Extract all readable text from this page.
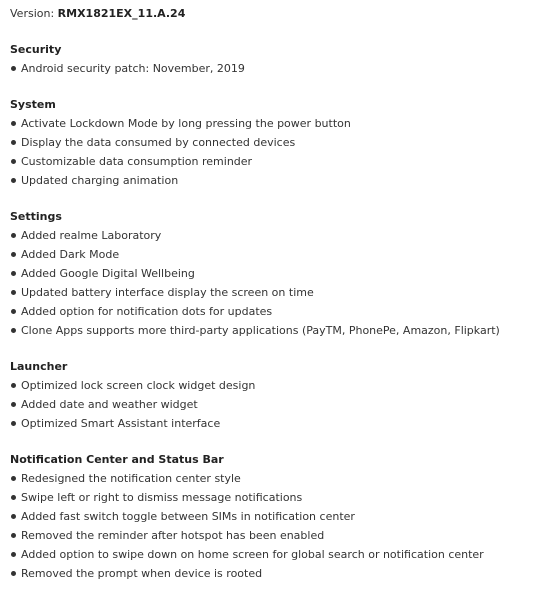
Version: RMX1821EX_11.A.24
Security
Android security patch: November, 2019
System
Activate Lockdown Mode by long pressing the power button
Display the data consumed by connected devices
Customizable data consumption reminder
Updated charging animation
Settings
Added realme Laboratory
Added Dark Mode
Added Google Digital Wellbeing
Updated battery interface display the screen on time
Added option for notification dots for updates
Clone Apps supports more third-party applications (PayTM, PhonePe, Amazon, Flipkart)
Launcher
Optimized lock screen clock widget design
Added date and weather widget
Optimized Smart Assistant interface
Notification Center and Status Bar
Redesigned the notification center style
Swipe left or right to dismiss message notifications
Added fast switch toggle between SIMs in notification center
Removed the reminder after hotspot has been enabled
Added option to swipe down on home screen for global search or notification center
Removed the prompt when device is rooted
